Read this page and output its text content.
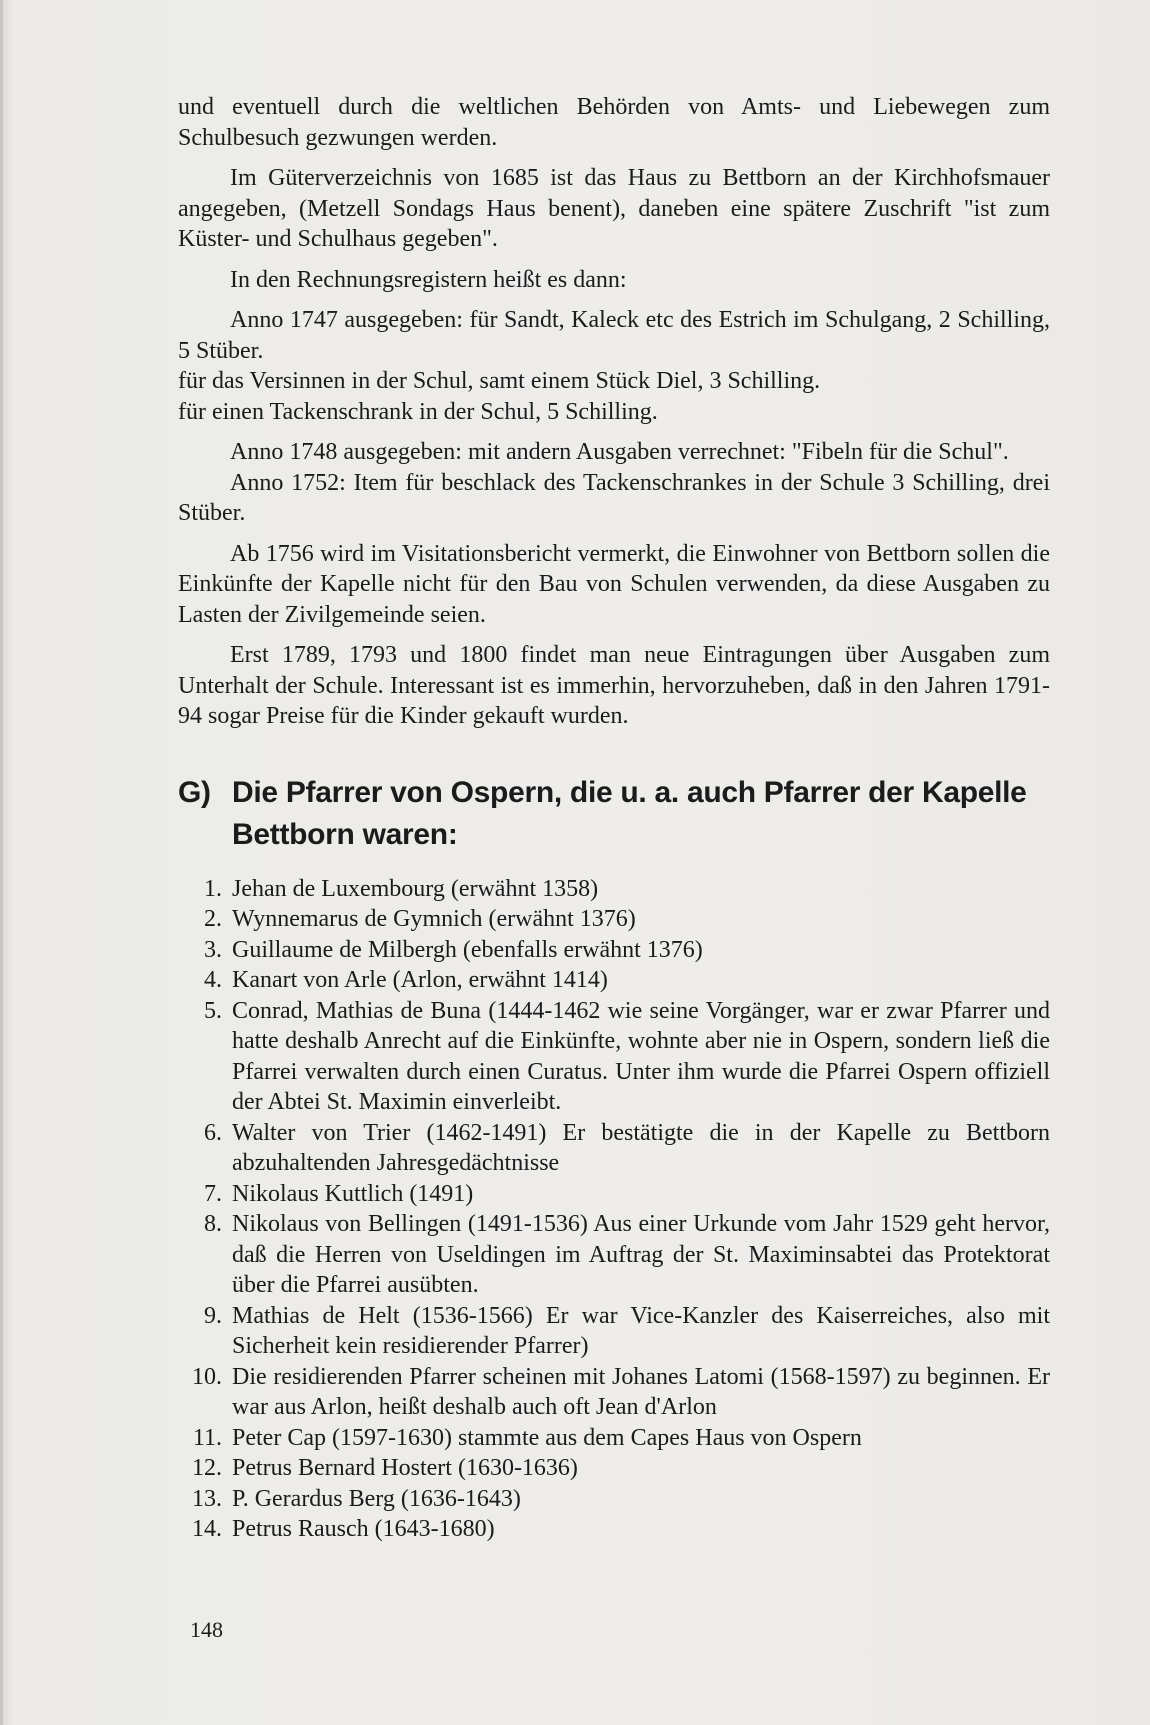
und eventuell durch die weltlichen Behörden von Amts- und Liebewegen zum Schulbesuch gezwungen werden.

Im Güterverzeichnis von 1685 ist das Haus zu Bettborn an der Kirchhofsmauer angegeben, (Metzell Sondags Haus benent), daneben eine spätere Zuschrift "ist zum Küster- und Schulhaus gegeben".

In den Rechnungsregistern heißt es dann:

Anno 1747 ausgegeben: für Sandt, Kaleck etc des Estrich im Schulgang, 2 Schilling, 5 Stüber.

für das Versinnen in der Schul, samt einem Stück Diel, 3 Schilling.

für einen Tackenschrank in der Schul, 5 Schilling.

Anno 1748 ausgegeben: mit andern Ausgaben verrechnet: "Fibeln für die Schul".

Anno 1752: Item für beschlack des Tackenschrankes in der Schule 3 Schilling, drei Stüber.

Ab 1756 wird im Visitationsbericht vermerkt, die Einwohner von Bettborn sollen die Einkünfte der Kapelle nicht für den Bau von Schulen verwenden, da diese Ausgaben zu Lasten der Zivilgemeinde seien.

Erst 1789, 1793 und 1800 findet man neue Eintragungen über Ausgaben zum Unterhalt der Schule. Interessant ist es immerhin, hervorzuheben, daß in den Jahren 1791-94 sogar Preise für die Kinder gekauft wurden.

G) Die Pfarrer von Ospern, die u. a. auch Pfarrer der Kapelle Bettborn waren:
1. Jehan de Luxembourg (erwähnt 1358)
2. Wynnemarus de Gymnich (erwähnt 1376)
3. Guillaume de Milbergh (ebenfalls erwähnt 1376)
4. Kanart von Arle (Arlon, erwähnt 1414)
5. Conrad, Mathias de Buna (1444-1462 wie seine Vorgänger, war er zwar Pfarrer und hatte deshalb Anrecht auf die Einkünfte, wohnte aber nie in Ospern, sondern ließ die Pfarrei verwalten durch einen Curatus. Unter ihm wurde die Pfarrei Ospern offiziell der Abtei St. Maximin einverleibt.
6. Walter von Trier (1462-1491) Er bestätigte die in der Kapelle zu Bettborn abzuhaltenden Jahresgedächtnisse
7. Nikolaus Kuttlich (1491)
8. Nikolaus von Bellingen (1491-1536) Aus einer Urkunde vom Jahr 1529 geht hervor, daß die Herren von Useldingen im Auftrag der St. Maximinsabtei das Protektorat über die Pfarrei ausübten.
9. Mathias de Helt (1536-1566) Er war Vice-Kanzler des Kaiserreiches, also mit Sicherheit kein residierender Pfarrer)
10. Die residierenden Pfarrer scheinen mit Johanes Latomi (1568-1597) zu beginnen. Er war aus Arlon, heißt deshalb auch oft Jean d'Arlon
11. Peter Cap (1597-1630) stammte aus dem Capes Haus von Ospern
12. Petrus Bernard Hostert (1630-1636)
13. P. Gerardus Berg (1636-1643)
14. Petrus Rausch (1643-1680)
148
